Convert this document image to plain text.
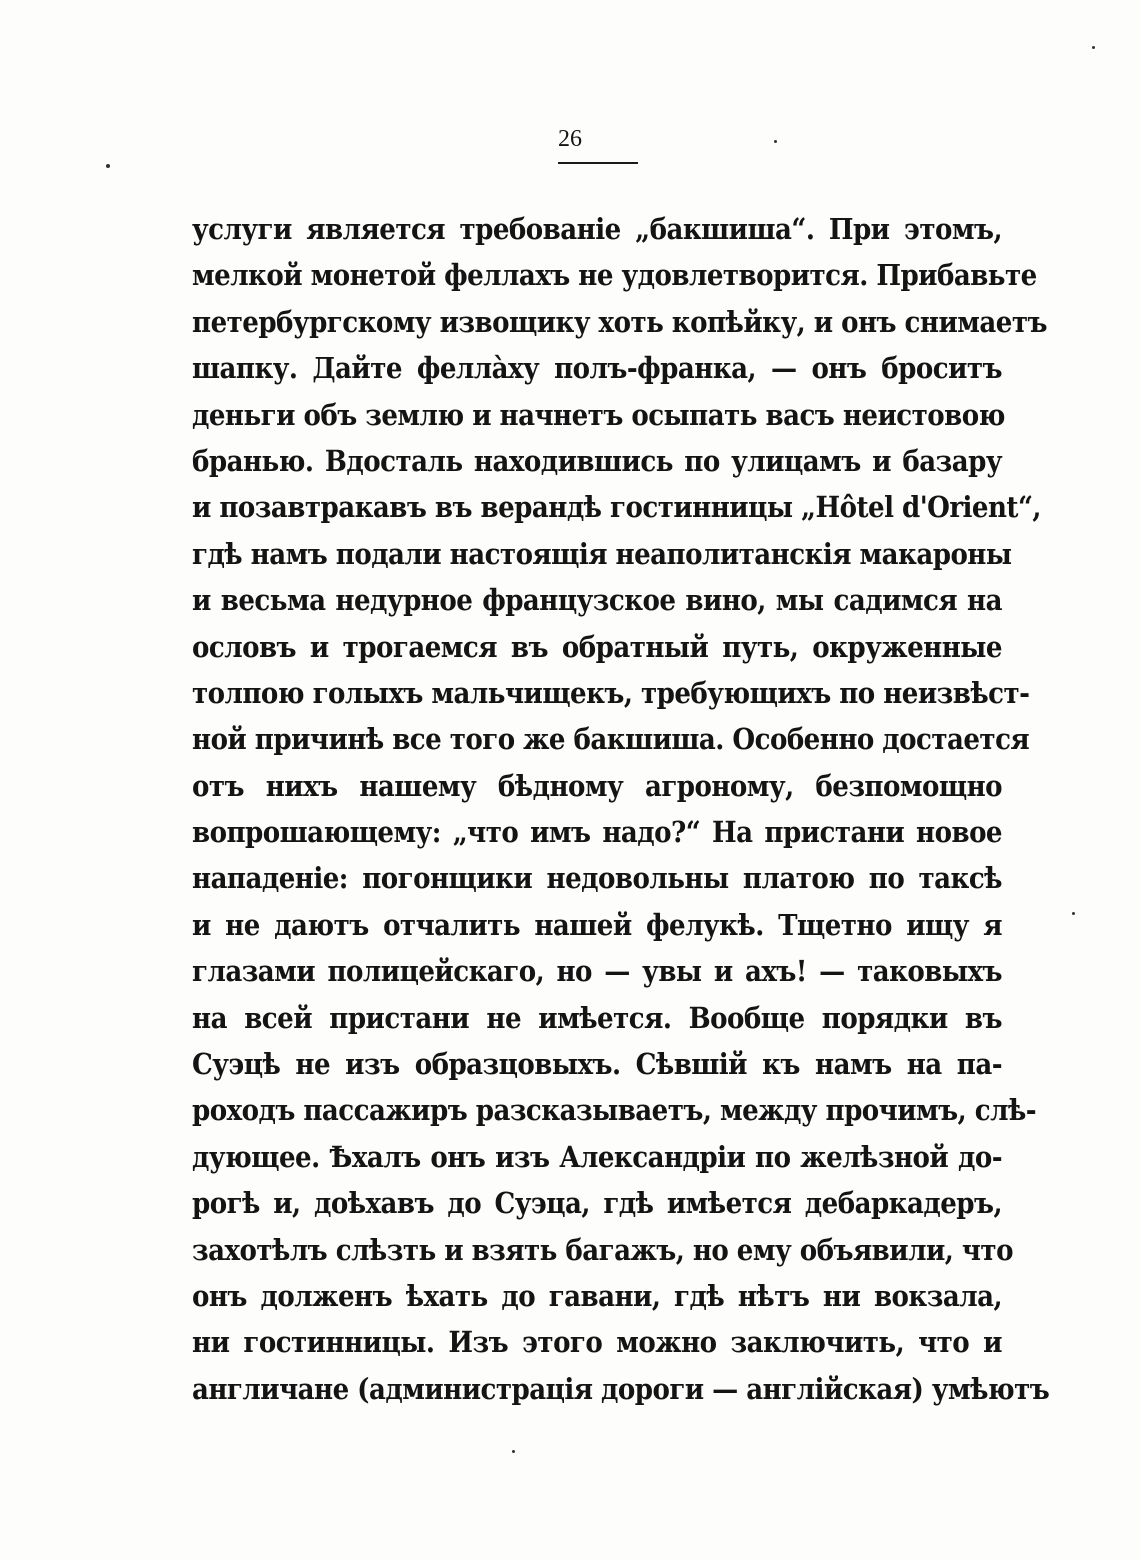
26
услуги является требованіе „бакшиша“. При этомъ,
мелкой монетой феллахъ не удовлетворится. Прибавьте
петербургскому извощику хоть копѣйку, и онъ снимаетъ
шапку. Дайте феллàху полъ-франка, — онъ броситъ
деньги объ землю и начнетъ осыпать васъ неистовою
бранью. Вдосталь находившись по улицамъ и базару
и позавтракавъ въ верандѣ гостинницы „Hôtel d'Orient“,
гдѣ намъ подали настоящія неаполитанскія макароны
и весьма недурное французское вино, мы садимся на
ословъ и трогаемся въ обратный путь, окруженные
толпою голыхъ мальчищекъ, требующихъ по неизвѣст-
ной причинѣ все того же бакшиша. Особенно достается
отъ нихъ нашему бѣдному агроному, безпомощно
вопрошающему: „что имъ надо?“ На пристани новое
нападеніе: погонщики недовольны платою по таксѣ
и не даютъ отчалить нашей фелукѣ. Тщетно ищу я
глазами полицейскаго, но — увы и ахъ! — таковыхъ
на всей пристани не имѣется. Вообще порядки въ
Суэцѣ не изъ образцовыхъ. Сѣвшій къ намъ на па-
роходъ пассажиръ разсказываетъ, между прочимъ, слѣ-
дующее. Ѣхалъ онъ изъ Александріи по желѣзной до-
рогѣ и, доѣхавъ до Суэца, гдѣ имѣется дебаркадеръ,
захотѣлъ слѣзть и взять багажъ, но ему объявили, что
онъ долженъ ѣхать до гавани, гдѣ нѣтъ ни вокзала,
ни гостинницы. Изъ этого можно заключить, что и
англичане (администрація дороги — англійская) умѣютъ
